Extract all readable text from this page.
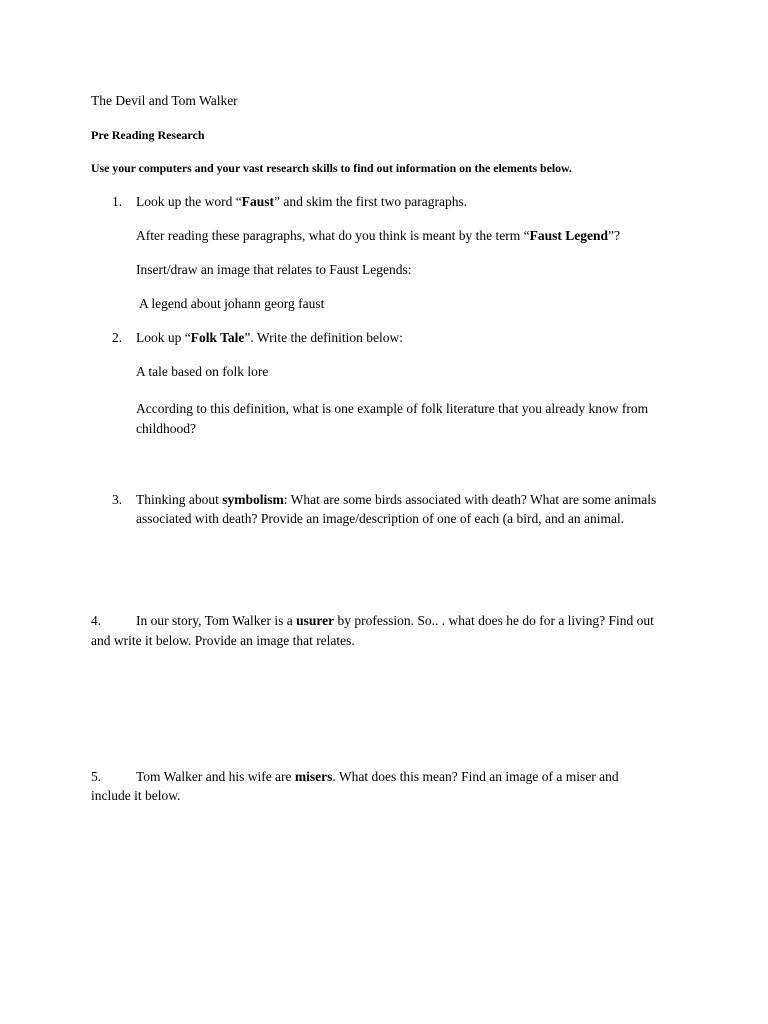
The Devil and Tom Walker
Pre Reading Research
Use your computers and your vast research skills to find out information on the elements below.
1. Look up the word “Faust” and skim the first two paragraphs.
After reading these paragraphs, what do you think is meant by the term “Faust Legend”?
Insert/draw an image that relates to Faust Legends:
A legend about johann georg faust
2. Look up “Folk Tale”. Write the definition below:
A tale based on folk lore
According to this definition, what is one example of folk literature that you already know from
childhood?
3. Thinking about symbolism: What are some birds associated with death? What are some animals
associated with death? Provide an image/description of one of each (a bird, and an animal.
4.	In our story, Tom Walker is a usurer by profession. So.. . what does he do for a living? Find out
and write it below. Provide an image that relates.
5.	Tom Walker and his wife are misers. What does this mean? Find an image of a miser and
include it below.
